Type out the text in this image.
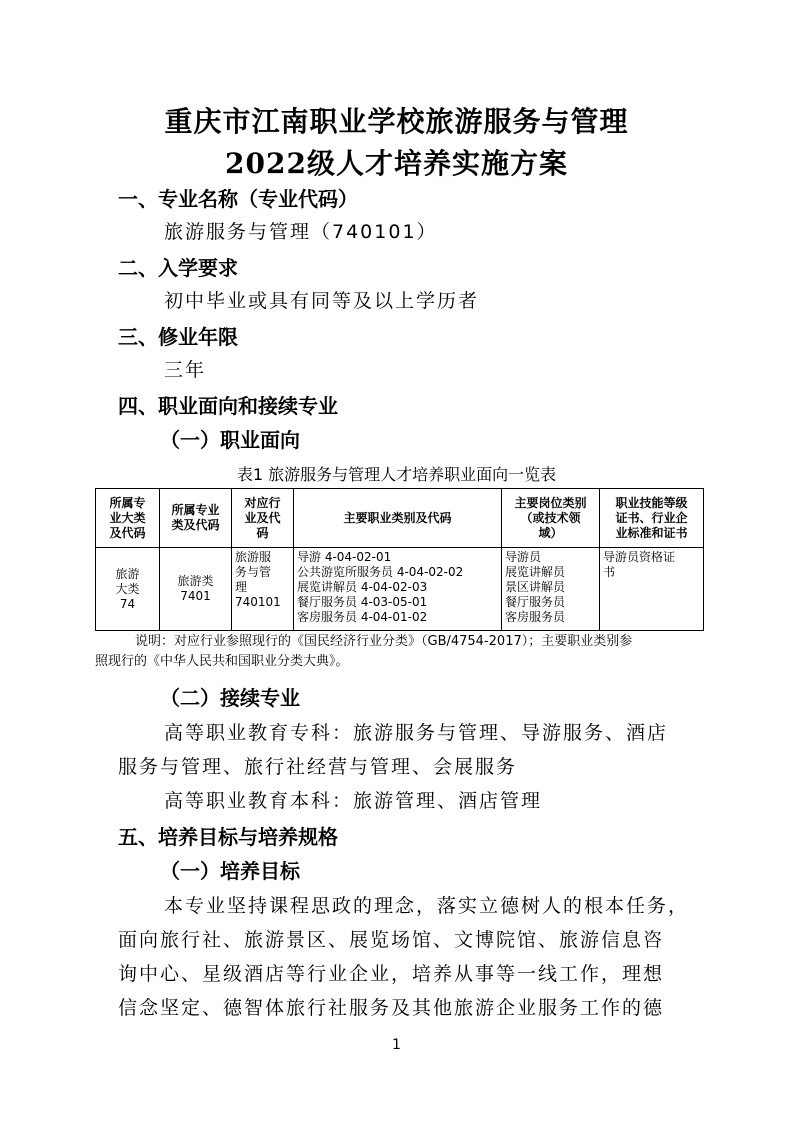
重庆市江南职业学校旅游服务与管理
2022级人才培养实施方案
一、专业名称（专业代码）
旅游服务与管理（740101）
二、入学要求
初中毕业或具有同等及以上学历者
三、修业年限
三年
四、职业面向和接续专业
（一）职业面向
表1 旅游服务与管理人才培养职业面向一览表
所属专
业大类
及代码	所属专业
类及代码	对应行
业及代
码	主要职业类别及代码	主要岗位类别
（或技术领
域）	职业技能等级
证书、行业企
业标准和证书
旅游
大类
74	旅游类
7401	旅游服
务与管
理
740101	导游 4-04-02-01
公共游览所服务员 4-04-02-02
展览讲解员 4-04-02-03
餐厅服务员 4-03-05-01
客房服务员 4-04-01-02	导游员
展览讲解员
景区讲解员
餐厅服务员
客房服务员	导游员资格证
书
说明：对应行业参照现行的《国民经济行业分类》（GB/4754-2017）；主要职业类别参
照现行的《中华人民共和国职业分类大典》。
（二）接续专业
高等职业教育专科：旅游服务与管理、导游服务、酒店
服务与管理、旅行社经营与管理、会展服务
高等职业教育本科：旅游管理、酒店管理
五、培养目标与培养规格
（一）培养目标
本专业坚持课程思政的理念，落实立德树人的根本任务，
面向旅行社、旅游景区、展览场馆、文博院馆、旅游信息咨
询中心、星级酒店等行业企业，培养从事等一线工作，理想
信念坚定、德智体旅行社服务及其他旅游企业服务工作的德
1
